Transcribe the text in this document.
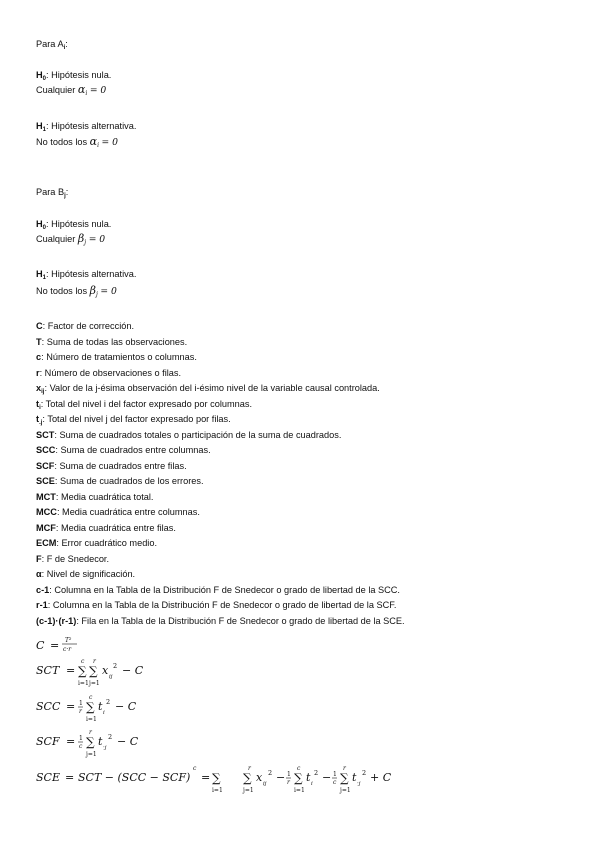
Para $A_i$:
$H_0$: Hipótesis nula.
Cualquier $\alpha_i = 0$
$H_1$: Hipótesis alternativa.
No todos los $\alpha_i = 0$
Para $B_j$:
$H_0$: Hipótesis nula.
Cualquier $\beta_j = 0$
$H_1$: Hipótesis alternativa.
No todos los $\beta_j = 0$
C: Factor de corrección.
T: Suma de todas las observaciones.
c: Número de tratamientos o columnas.
r: Número de observaciones o filas.
$x_{ij}$: Valor de la j-ésima observación del i-ésimo nivel de la variable causal controlada.
$t_i$: Total del nivel i del factor expresado por columnas.
$t_{.j}$: Total del nivel j del factor expresado por filas.
SCT: Suma de cuadrados totales o participación de la suma de cuadrados.
SCC: Suma de cuadrados entre columnas.
SCF: Suma de cuadrados entre filas.
SCE: Suma de cuadrados de los errores.
MCT: Media cuadrática total.
MCC: Media cuadrática entre columnas.
MCF: Media cuadrática entre filas.
ECM: Error cuadrático medio.
F: F de Snedecor.
α: Nivel de significación.
c-1: Columna en la Tabla de la Distribución F de Snedecor o grado de libertad de la SCC.
r-1: Columna en la Tabla de la Distribución F de Snedecor o grado de libertad de la SCF.
(c-1)·(r-1): Fila en la Tabla de la Distribución F de Snedecor o grado de libertad de la SCE.
C = T²
c·r
SCT =
c
∑
i=1
r
∑
j=1
x ij
2 − C
SCC = 1
r
c
∑
i=1
t i
2 − C
SCF = 1
c
r
∑
j=1
t ·j
2 − C
SCE = SCT − (SCC − SCF) =
c
∑
i=1
r
∑
j=1
x ij
2 − 1
r
c
∑
i=1
t i
2 − 1
c
r
∑
j=1
t ·j
2 + C
